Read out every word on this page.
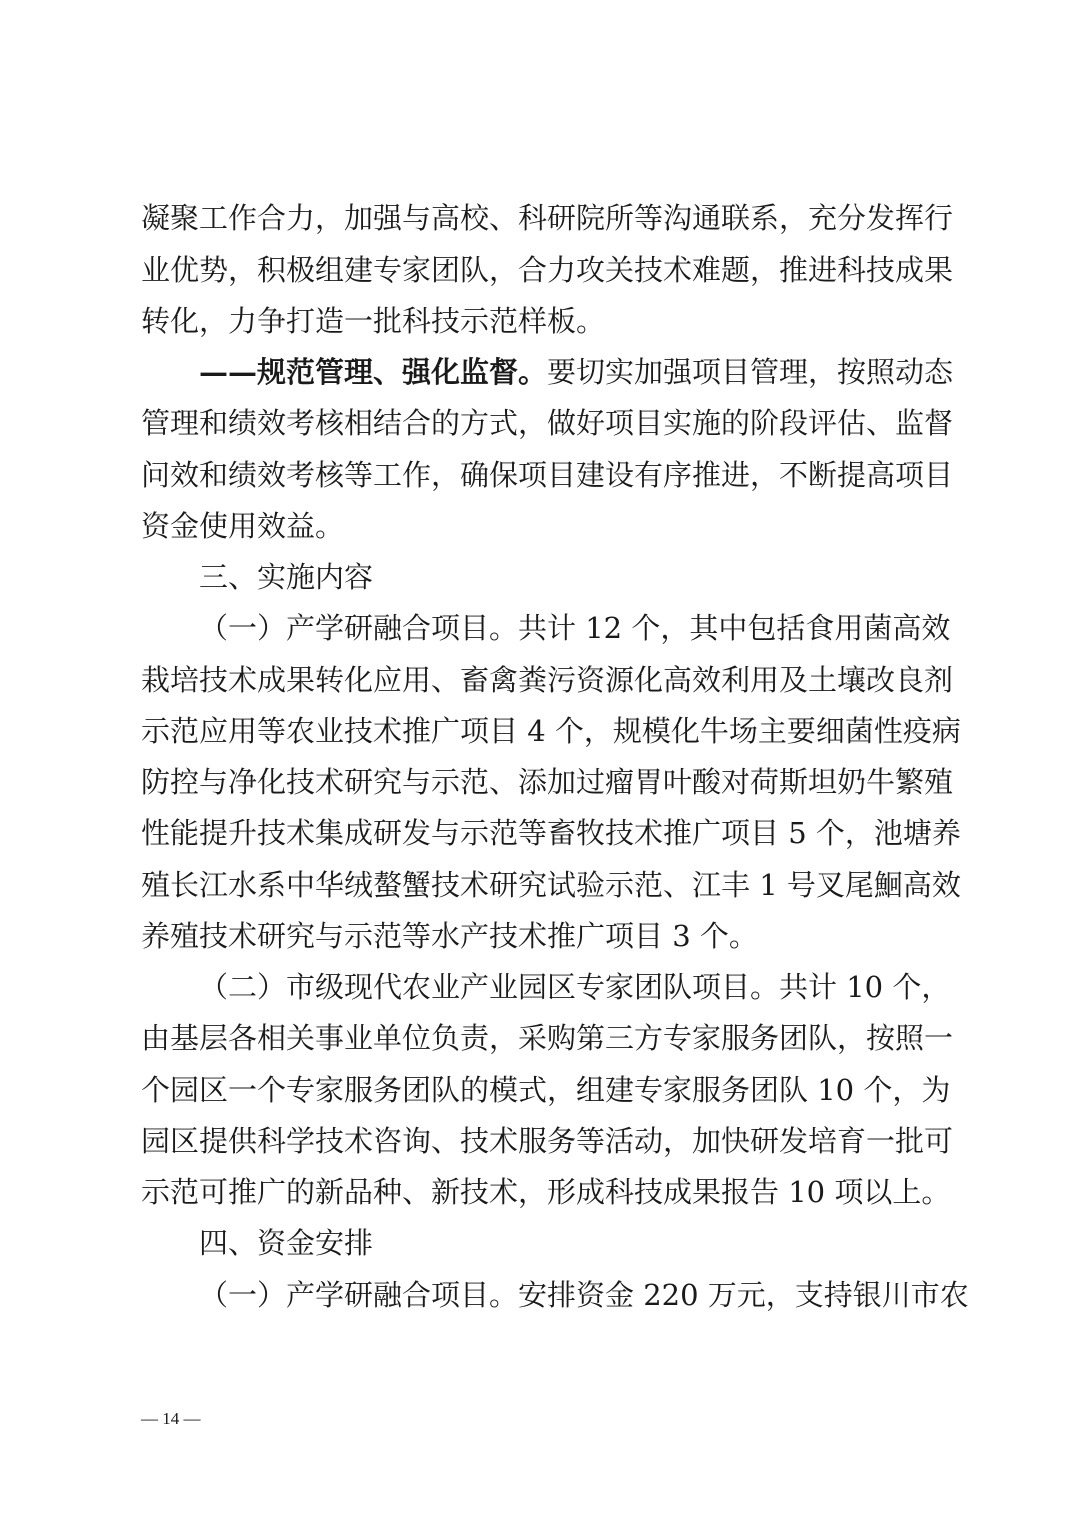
凝聚工作合力，加强与高校、科研院所等沟通联系，充分发挥行
业优势，积极组建专家团队，合力攻关技术难题，推进科技成果
转化，力争打造一批科技示范样板。
——规范管理、强化监督。要切实加强项目管理，按照动态
管理和绩效考核相结合的方式，做好项目实施的阶段评估、监督
问效和绩效考核等工作，确保项目建设有序推进，不断提高项目
资金使用效益。
三、实施内容
（一）产学研融合项目。共计 12 个，其中包括食用菌高效
栽培技术成果转化应用、畜禽粪污资源化高效利用及土壤改良剂
示范应用等农业技术推广项目 4 个，规模化牛场主要细菌性疫病
防控与净化技术研究与示范、添加过瘤胃叶酸对荷斯坦奶牛繁殖
性能提升技术集成研发与示范等畜牧技术推广项目 5 个，池塘养
殖长江水系中华绒螯蟹技术研究试验示范、江丰 1 号叉尾鮰高效
养殖技术研究与示范等水产技术推广项目 3 个。
（二）市级现代农业产业园区专家团队项目。共计 10 个，
由基层各相关事业单位负责，采购第三方专家服务团队，按照一
个园区一个专家服务团队的模式，组建专家服务团队 10 个，为
园区提供科学技术咨询、技术服务等活动，加快研发培育一批可
示范可推广的新品种、新技术，形成科技成果报告 10 项以上。
四、资金安排
（一）产学研融合项目。安排资金 220 万元，支持银川市农
— 14 —
